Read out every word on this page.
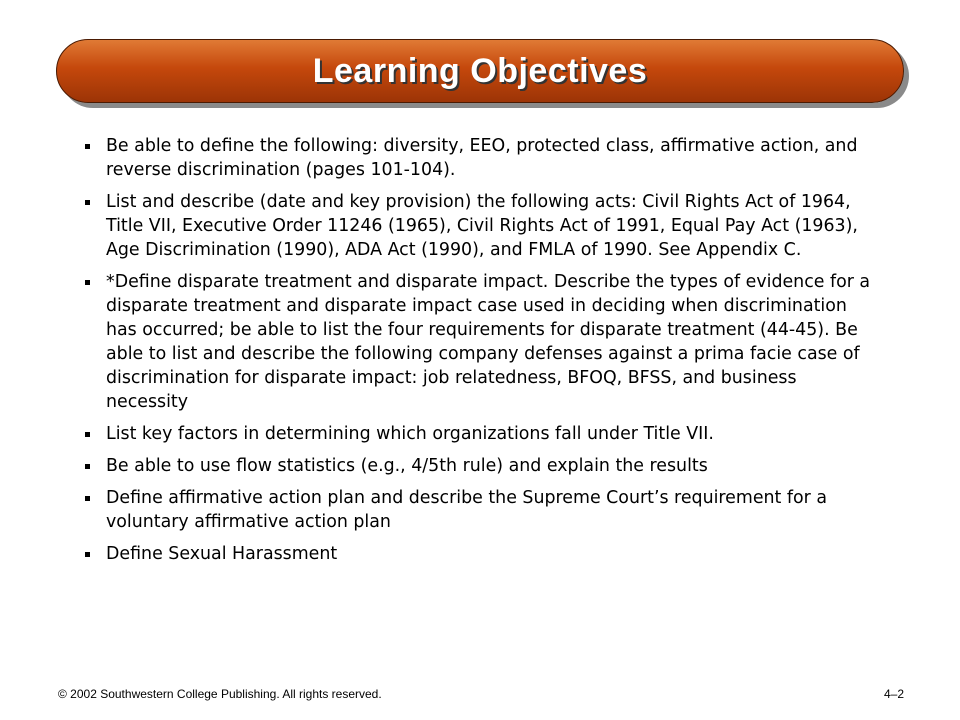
Learning Objectives
Be able to define the following: diversity, EEO, protected class, affirmative action, and reverse discrimination (pages 101-104).
List and describe (date and key provision) the following acts: Civil Rights Act of 1964, Title VII, Executive Order 11246 (1965), Civil Rights Act of 1991, Equal Pay Act (1963), Age Discrimination (1990), ADA Act (1990), and FMLA of 1990. See Appendix C.
*Define disparate treatment and disparate impact. Describe the types of evidence for a disparate treatment and disparate impact case used in deciding when discrimination has occurred; be able to list the four requirements for disparate treatment (44-45). Be able to list and describe the following company defenses against a prima facie case of discrimination for disparate impact: job relatedness, BFOQ, BFSS, and business necessity
List key factors in determining which organizations fall under Title VII.
Be able to use flow statistics (e.g., 4/5th rule) and explain the results
Define affirmative action plan and describe the Supreme Court’s requirement for a voluntary affirmative action plan
Define Sexual Harassment
© 2002 Southwestern College Publishing. All rights reserved.	4–2
